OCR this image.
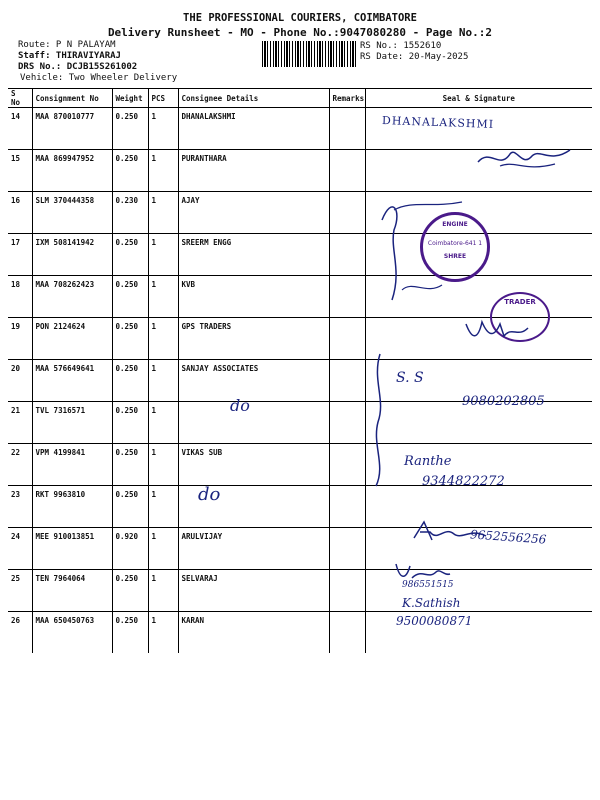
THE PROFESSIONAL COURIERS, COIMBATORE
Delivery Runsheet - MO - Phone No.:9047080280 - Page No.:2
Route: P N PALAYAM
Staff: THIRAVIYARAJ
DRS No.: DCJB15S261002
Vehicle: Two Wheeler Delivery
RS No.: 1552610
RS Date: 20-May-2025
S No	Consignment No	Weight	PCS	Consignee Details	Remarks	Seal & Signature
14	MAA 870010777	0.250	1	DHANALAKSHMI		
15	MAA 869947952	0.250	1	PURANTHARA		
16	SLM 370444358	0.230	1	AJAY		
17	IXM 508141942	0.250	1	SREERM ENGG		
18	MAA 708262423	0.250	1	KVB		
19	PON 2124624	0.250	1	GPS TRADERS		
20	MAA 576649641	0.250	1	SANJAY ASSOCIATES		
21	TVL 7316571	0.250	1			
22	VPM 4199841	0.250	1	VIKAS SUB		
23	RKT 9963810	0.250	1			
24	MEE 910013851	0.920	1	ARULVIJAY		
25	TEN 7964064	0.250	1	SELVARAJ		
26	MAA 650450763	0.250	1	KARAN		
DHANALAKSHMI
ENGINE
Coimbatore-641 1
SHREE
TRADER
S. S
9080202805
do
Ranthe
9344822272
do
9652556256
986551515
K.Sathish
9500080871
